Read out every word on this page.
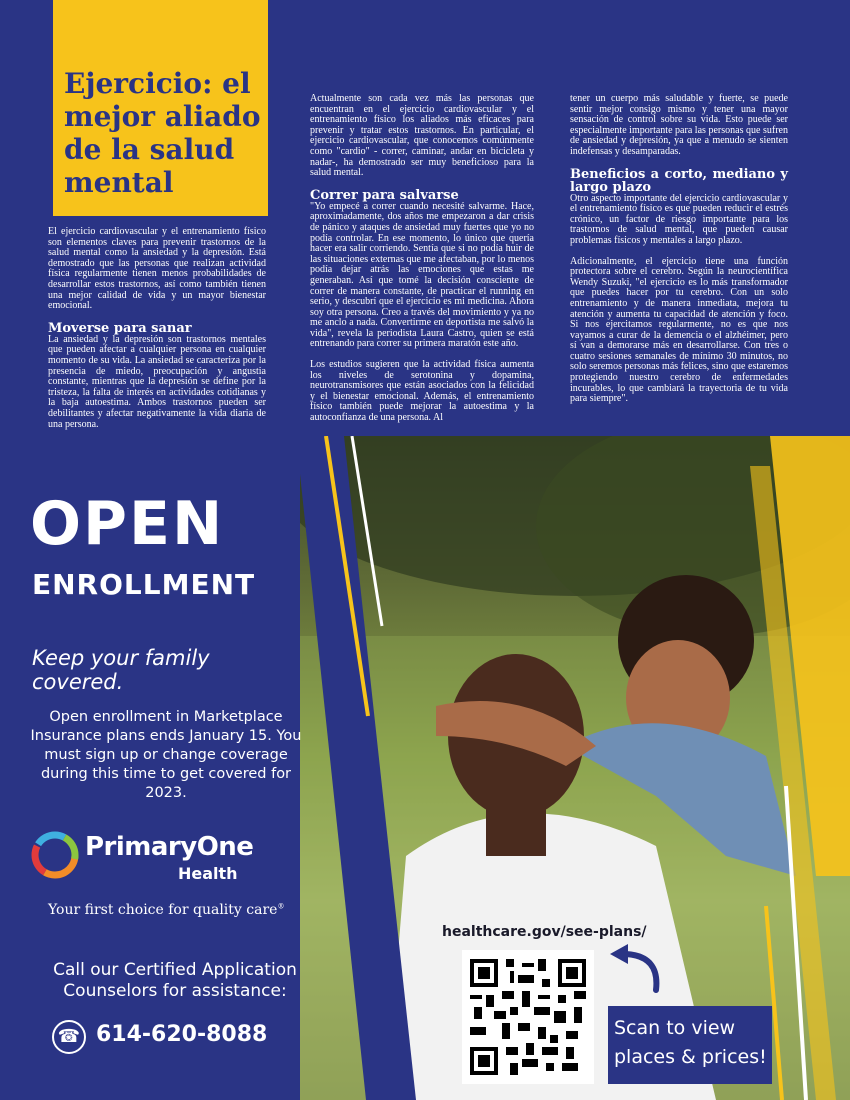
Ejercicio: el mejor aliado de la salud mental

El ejercicio cardiovascular y el entrenamiento físico son elementos claves para prevenir trastornos de la salud mental como la ansiedad y la depresión. Está demostrado que las personas que realizan actividad física regularmente tienen menos probabilidades de desarrollar estos trastornos, así como también tienen una mejor calidad de vida y un mayor bienestar emocional.

Moverse para sanar

La ansiedad y la depresión son trastornos mentales que pueden afectar a cualquier persona en cualquier momento de su vida. La ansiedad se caracteriza por la presencia de miedo, preocupación y angustia constante, mientras que la depresión se define por la tristeza, la falta de interés en actividades cotidianas y la baja autoestima. Ambos trastornos pueden ser debilitantes y afectar negativamente la vida diaria de una persona.

Actualmente son cada vez más las personas que encuentran en el ejercicio cardiovascular y el entrenamiento físico los aliados más eficaces para prevenir y tratar estos trastornos. En particular, el ejercicio cardiovascular, que conocemos comúnmente como "cardio" - correr, caminar, andar en bicicleta y nadar-, ha demostrado ser muy beneficioso para la salud mental.

Correr para salvarse

"Yo empecé a correr cuando necesité salvarme. Hace, aproximadamente, dos años me empezaron a dar crisis de pánico y ataques de ansiedad muy fuertes que yo no podía controlar. En ese momento, lo único que quería hacer era salir corriendo. Sentía que si no podía huir de las situaciones externas que me afectaban, por lo menos podía dejar atrás las emociones que estas me generaban. Así que tomé la decisión consciente de correr de manera constante, de practicar el running en serio, y descubrí que el ejercicio es mi medicina. Ahora soy otra persona. Creo a través del movimiento y ya no me anclo a nada. Convertirme en deportista me salvó la vida", revela la periodista Laura Castro, quien se está entrenando para correr su primera maratón este año.

Los estudios sugieren que la actividad física aumenta los niveles de serotonina y dopamina, neurotransmisores que están asociados con la felicidad y el bienestar emocional. Además, el entrenamiento físico también puede mejorar la autoestima y la autoconfianza de una persona. Al

tener un cuerpo más saludable y fuerte, se puede sentir mejor consigo mismo y tener una mayor sensación de control sobre su vida. Esto puede ser especialmente importante para las personas que sufren de ansiedad y depresión, ya que a menudo se sienten indefensas y desamparadas.

Beneficios a corto, mediano y largo plazo

Otro aspecto importante del ejercicio cardiovascular y el entrenamiento físico es que pueden reducir el estrés crónico, un factor de riesgo importante para los trastornos de salud mental, que pueden causar problemas físicos y mentales a largo plazo.

Adicionalmente, el ejercicio tiene una función protectora sobre el cerebro. Según la neurocientífica Wendy Suzuki, "el ejercicio es lo más transformador que puedes hacer por tu cerebro. Con un solo entrenamiento y de manera inmediata, mejora tu atención y aumenta tu capacidad de atención y foco. Si nos ejercitamos regularmente, no es que nos vayamos a curar de la demencia o el alzhéimer, pero sí van a demorarse más en desarrollarse. Con tres o cuatro sesiones semanales de mínimo 30 minutos, no solo seremos personas más felices, sino que estaremos protegiendo nuestro cerebro de enfermedades incurables, lo que cambiará la trayectoria de tu vida para siempre".

OPEN
ENROLLMENT
Keep your family covered.
Open enrollment in Marketplace Insurance plans ends January 15. You must sign up or change coverage during this time to get covered for 2023.
PrimaryOne
Health
Your first choice for quality care®
Call our Certified Application Counselors for assistance:
☎ 614-620-8088
healthcare.gov/see-plans/
Scan to view
places & prices!
